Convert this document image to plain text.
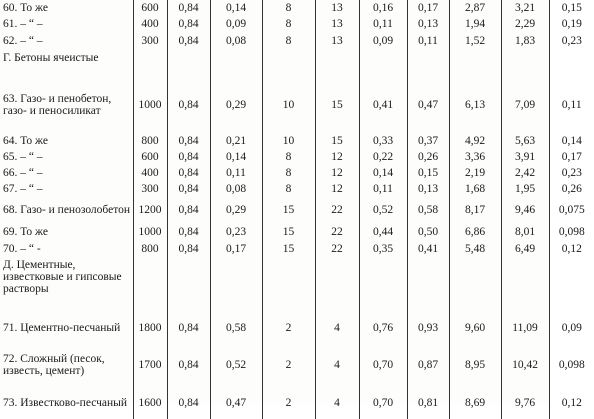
60. То же	600	0,84	0,14	8	13	0,16	0,17	2,87	3,21	0,15
61. – “ –	400	0,84	0,09	8	13	0,11	0,13	1,94	2,29	0,19
62. – “ –	300	0,84	0,08	8	13	0,09	0,11	1,52	1,83	0,23
Г. Бетоны ячеистые										
63. Газо- и пенобетон, газо- и пеносиликат	1000	0,84	0,29	10	15	0,41	0,47	6,13	7,09	0,11
64. То же	800	0,84	0,21	10	15	0,33	0,37	4,92	5,63	0,14
65. – “ –	600	0,84	0,14	8	12	0,22	0,26	3,36	3,91	0,17
66. – “ –	400	0,84	0,11	8	12	0,14	0,15	2,19	2,42	0,23
67. – “ –	300	0,84	0,08	8	12	0,11	0,13	1,68	1,95	0,26
68. Газо- и пенозолобетон	1200	0,84	0,29	15	22	0,52	0,58	8,17	9,46	0,075
69. То же	1000	0,84	0,23	15	22	0,44	0,50	6,86	8,01	0,098
70. – “ -	800	0,84	0,17	15	22	0,35	0,41	5,48	6,49	0,12
Д. Цементные, известковые и гипсовые растворы										
71. Цементно-песчаный	1800	0,84	0,58	2	4	0,76	0,93	9,60	11,09	0,09
72. Сложный (песок, известь, цемент)	1700	0,84	0,52	2	4	0,70	0,87	8,95	10,42	0,098
73. Известково-песчаный	1600	0,84	0,47	2	4	0,70	0,81	8,69	9,76	0,12
